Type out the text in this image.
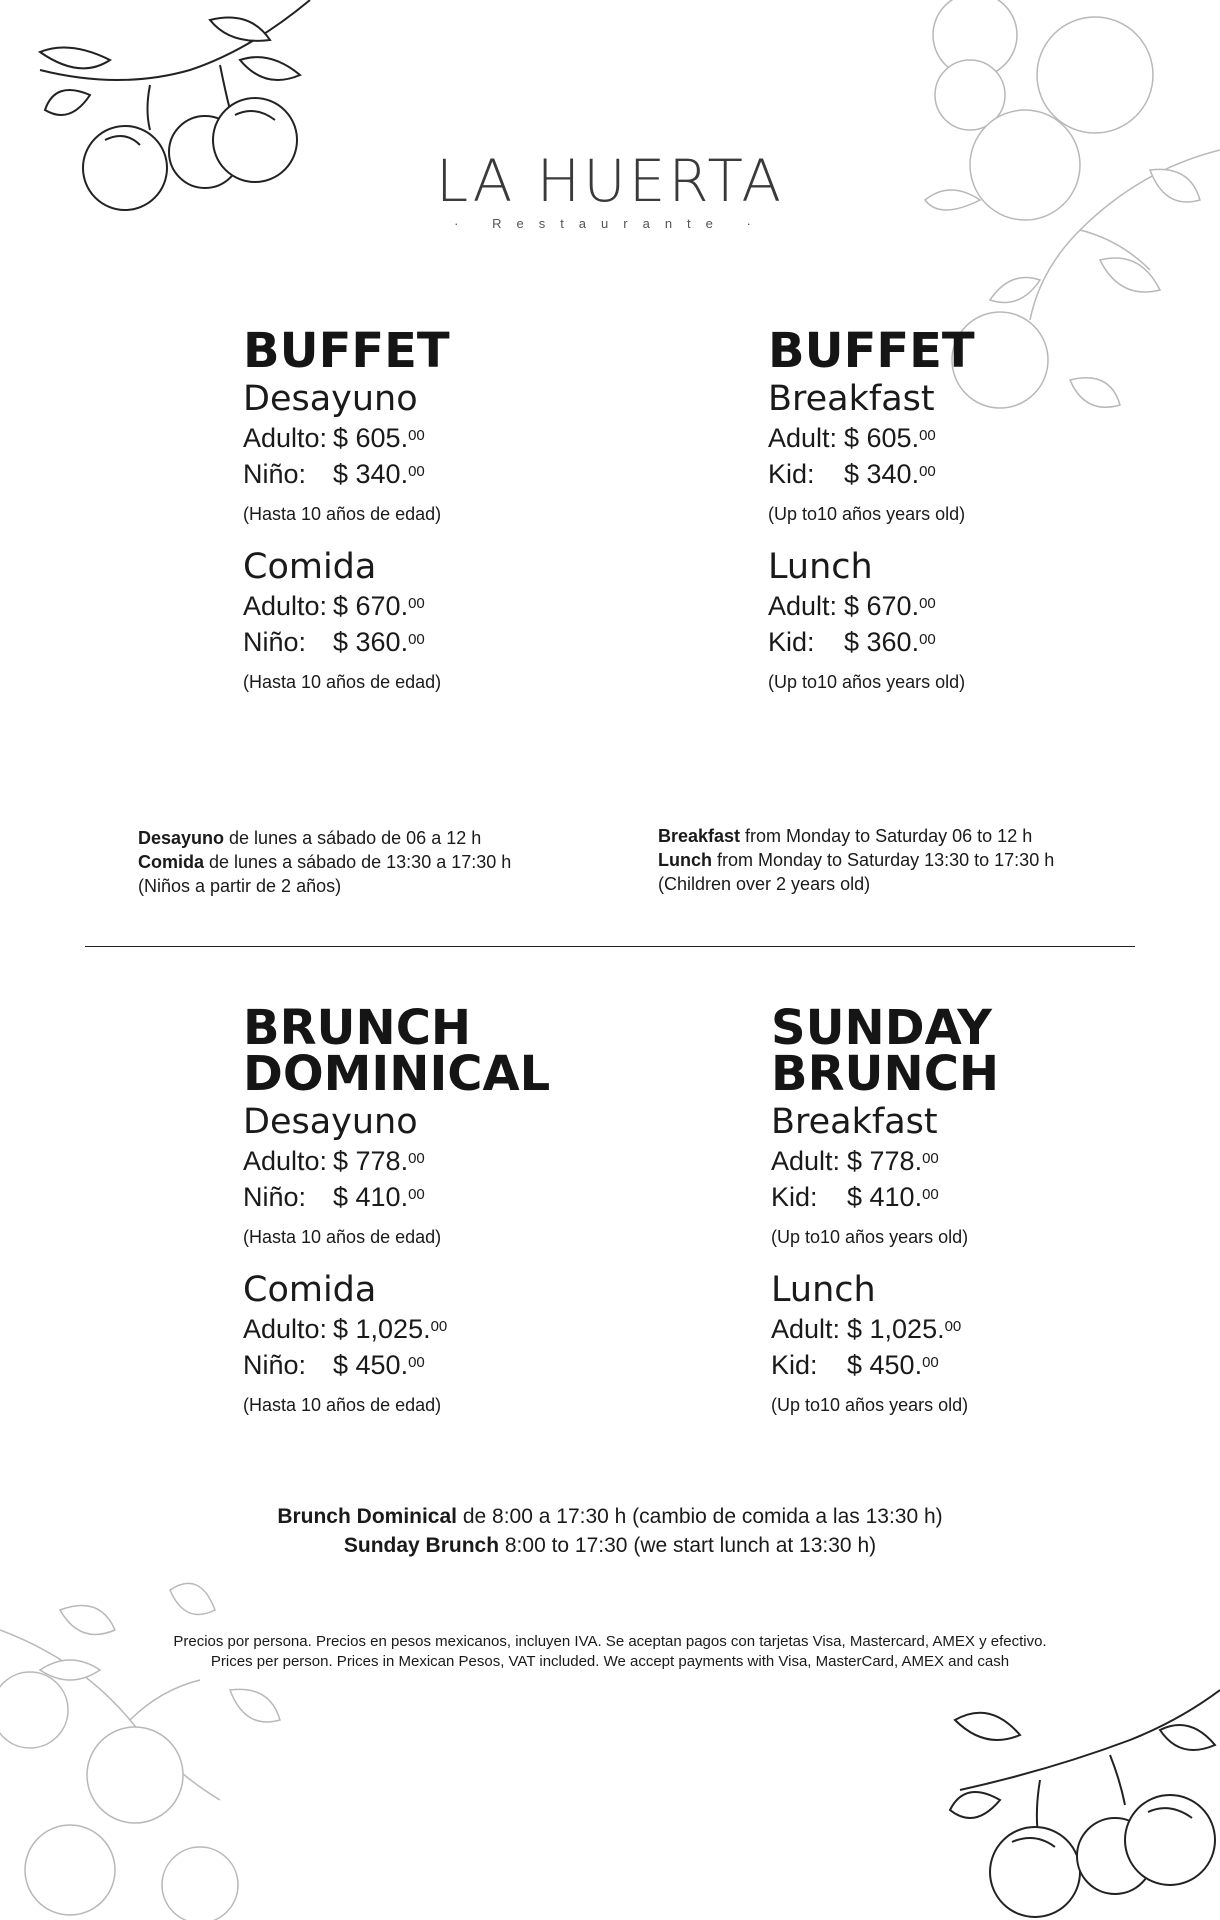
LA HUERTA
· Restaurante ·
BUFFET
Desayuno
Adulto: $ 605.00
Niño: $ 340.00
(Hasta 10 años de edad)
Comida
Adulto: $ 670.00
Niño: $ 360.00
(Hasta 10 años de edad)
BUFFET
Breakfast
Adult: $ 605.00
Kid: $ 340.00
(Up to10 años years old)
Lunch
Adult: $ 670.00
Kid: $ 360.00
(Up to10 años years old)
Desayuno de lunes a sábado de 06 a 12 h
Comida de lunes a sábado de 13:30 a 17:30 h
(Niños a partir de 2 años)
Breakfast from Monday to Saturday 06 to 12 h
Lunch from Monday to Saturday 13:30 to 17:30 h
(Children over 2 years old)
BRUNCH
DOMINICAL
Desayuno
Adulto: $ 778.00
Niño: $ 410.00
(Hasta 10 años de edad)
Comida
Adulto: $ 1,025.00
Niño: $ 450.00
(Hasta 10 años de edad)
SUNDAY
BRUNCH
Breakfast
Adult: $ 778.00
Kid: $ 410.00
(Up to10 años years old)
Lunch
Adult: $ 1,025.00
Kid: $ 450.00
(Up to10 años years old)
Brunch Dominical de 8:00 a 17:30 h (cambio de comida a las 13:30 h)
Sunday Brunch 8:00 to 17:30 (we start lunch at 13:30 h)
Precios por persona. Precios en pesos mexicanos, incluyen IVA. Se aceptan pagos con tarjetas Visa, Mastercard, AMEX y efectivo.
Prices per person. Prices in Mexican Pesos, VAT included. We accept payments with Visa, MasterCard, AMEX and cash
